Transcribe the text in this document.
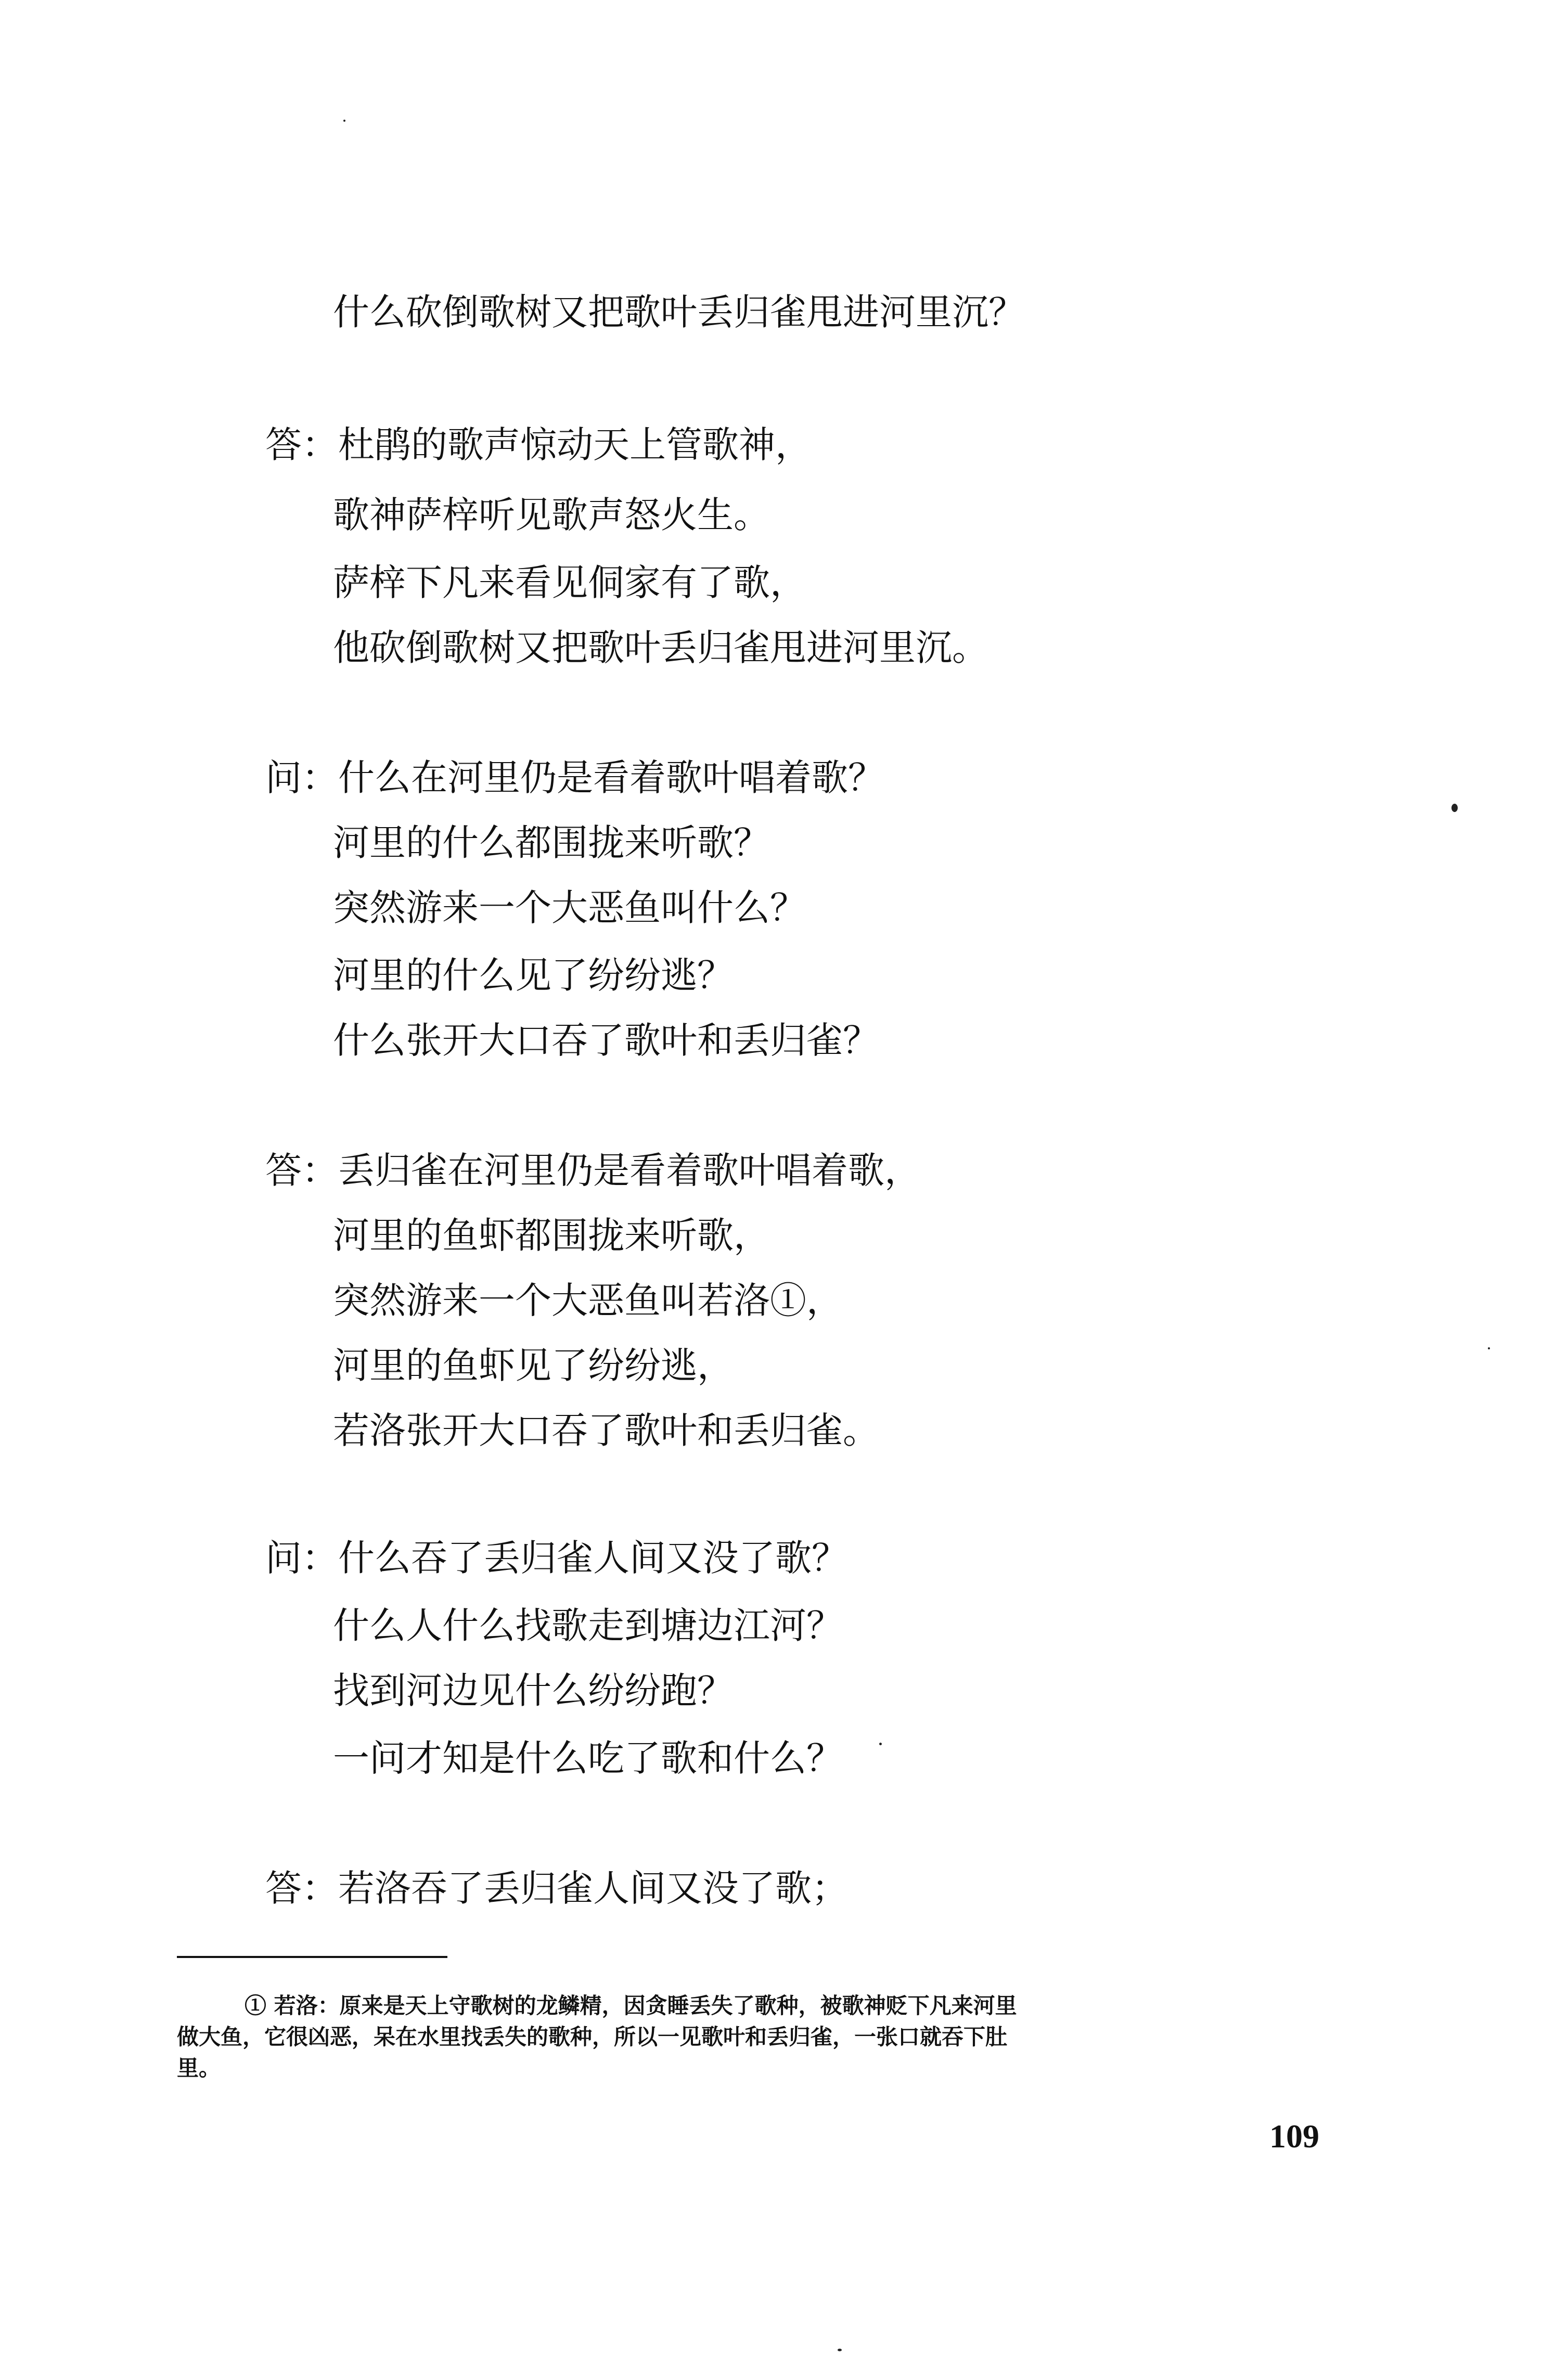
什么砍倒歌树又把歌叶丢归雀甩进河里沉？
答：杜鹃的歌声惊动天上管歌神，
歌神萨梓听见歌声怒火生。
萨梓下凡来看见侗家有了歌，
他砍倒歌树又把歌叶丢归雀甩进河里沉。
问：什么在河里仍是看着歌叶唱着歌？
河里的什么都围拢来听歌？
突然游来一个大恶鱼叫什么？
河里的什么见了纷纷逃？
什么张开大口吞了歌叶和丢归雀？
答：丢归雀在河里仍是看着歌叶唱着歌，
河里的鱼虾都围拢来听歌，
突然游来一个大恶鱼叫若洛①，
河里的鱼虾见了纷纷逃，
若洛张开大口吞了歌叶和丢归雀。
问：什么吞了丢归雀人间又没了歌？
什么人什么找歌走到塘边江河？
找到河边见什么纷纷跑？
一问才知是什么吃了歌和什么？
答：若洛吞了丢归雀人间又没了歌；
① 若洛：原来是天上守歌树的龙鳞精，因贪睡丢失了歌种，被歌神贬下凡来河里
做大鱼，它很凶恶，呆在水里找丢失的歌种，所以一见歌叶和丢归雀，一张口就吞下肚
里。
109
